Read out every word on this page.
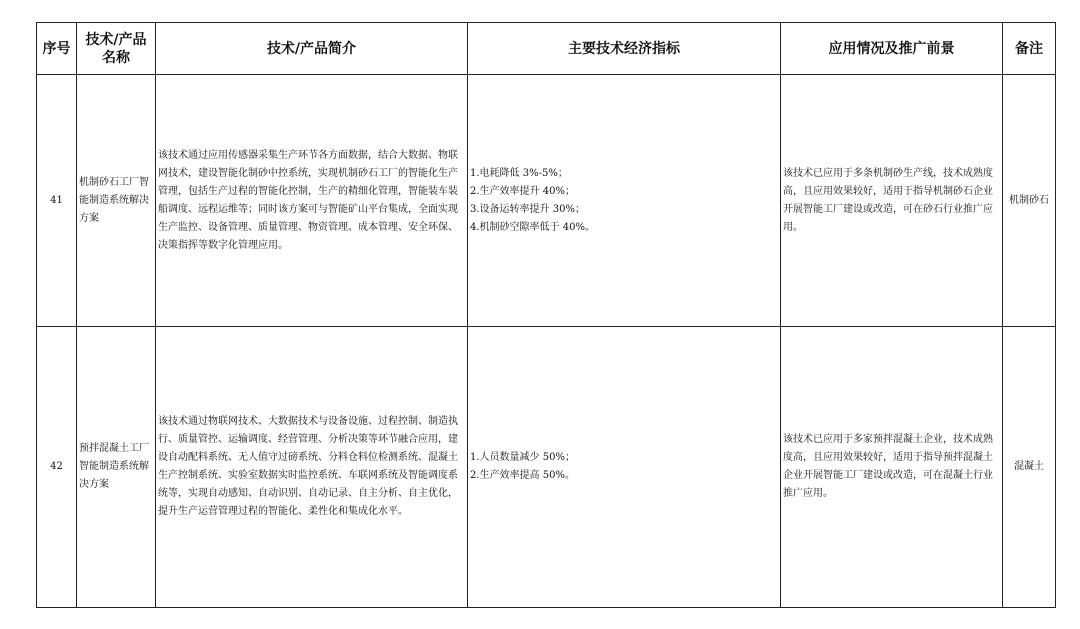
序号	技术/产品
名称	技术/产品简介	主要技术经济指标	应用情况及推广前景	备注
41	机制砂石工厂智能制造系统解决方案	该技术通过应用传感器采集生产环节各方面数据，结合大数据、物联网技术，建设智能化制砂中控系统，实现机制砂石工厂的智能化生产管理，包括生产过程的智能化控制，生产的精细化管理，智能装车装船调度、远程运维等；同时该方案可与智能矿山平台集成，全面实现生产监控、设备管理、质量管理、物资管理、成本管理、安全环保、决策指挥等数字化管理应用。	1.电耗降低 3%-5%；
2.生产效率提升 40%；
3.设备运转率提升 30%；
4.机制砂空隙率低于 40%。	该技术已应用于多条机制砂生产线，技术成熟度高，且应用效果较好，适用于指导机制砂石企业开展智能工厂建设或改造，可在砂石行业推广应用。	机制砂石
42	预拌混凝土工厂智能制造系统解决方案	该技术通过物联网技术、大数据技术与设备设施、过程控制、制造执行、质量管控、运输调度、经营管理、分析决策等环节融合应用，建设自动配料系统、无人值守过磅系统、分料仓料位检测系统、混凝土生产控制系统、实验室数据实时监控系统、车联网系统及智能调度系统等，实现自动感知、自动识别、自动记录、自主分析、自主优化，提升生产运营管理过程的智能化、柔性化和集成化水平。	1.人员数量减少 50%；
2.生产效率提高 50%。	该技术已应用于多家预拌混凝土企业，技术成熟度高，且应用效果较好，适用于指导预拌混凝土企业开展智能工厂建设或改造，可在混凝土行业推广应用。	混凝土
